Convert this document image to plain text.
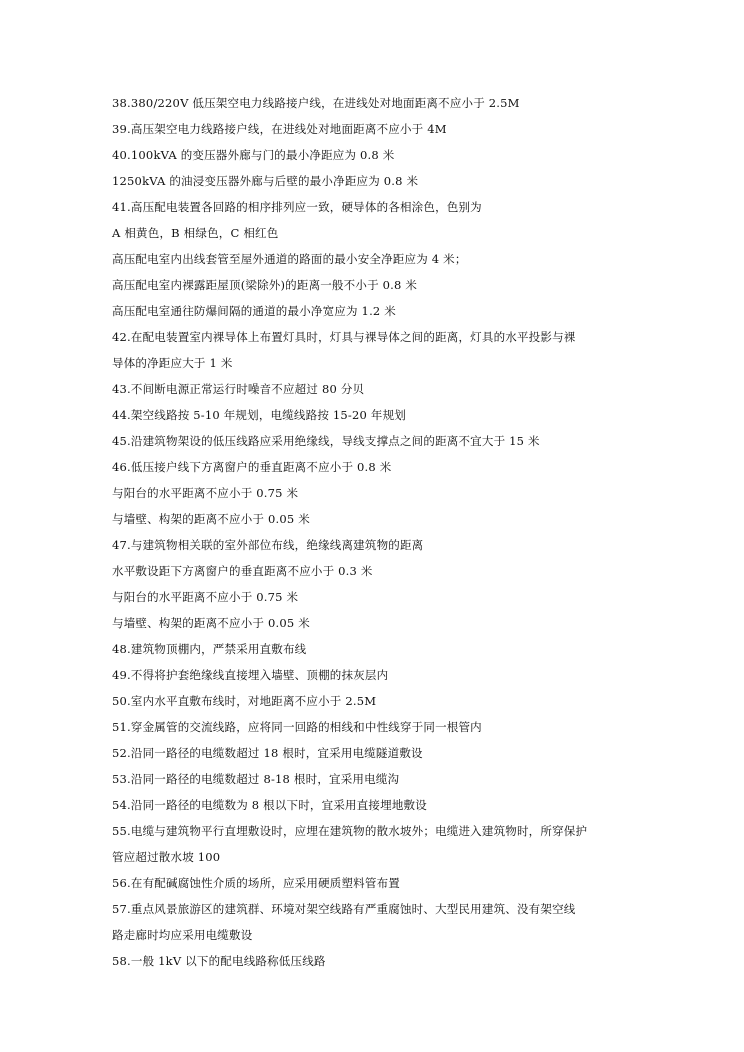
38.380/220V 低压架空电力线路接户线，在进线处对地面距离不应小于 2.5M
39.高压架空电力线路接户线，在进线处对地面距离不应小于 4M
40.100kVA 的变压器外廊与门的最小净距应为 0.8 米
1250kVA 的油浸变压器外廊与后壁的最小净距应为 0.8 米
41.高压配电装置各回路的相序排列应一致，硬导体的各相涂色，色别为
A 相黄色，B 相绿色，C 相红色
高压配电室内出线套管至屋外通道的路面的最小安全净距应为 4 米；
高压配电室内裸露距屋顶(梁除外)的距离一般不小于 0.8 米
高压配电室通往防爆间隔的通道的最小净宽应为 1.2 米
42.在配电装置室内裸导体上布置灯具时，灯具与裸导体之间的距离，灯具的水平投影与裸
导体的净距应大于 1 米
43.不间断电源正常运行时噪音不应超过 80 分贝
44.架空线路按 5-10 年规划，电缆线路按 15-20 年规划
45.沿建筑物架设的低压线路应采用绝缘线，导线支撑点之间的距离不宜大于 15 米
46.低压接户线下方离窗户的垂直距离不应小于 0.8 米
与阳台的水平距离不应小于 0.75 米
与墙壁、构架的距离不应小于 0.05 米
47.与建筑物相关联的室外部位布线，绝缘线离建筑物的距离
水平敷设距下方离窗户的垂直距离不应小于 0.3 米
与阳台的水平距离不应小于 0.75 米
与墙壁、构架的距离不应小于 0.05 米
48.建筑物顶棚内，严禁采用直敷布线
49.不得将护套绝缘线直接埋入墙壁、顶棚的抹灰层内
50.室内水平直敷布线时，对地距离不应小于 2.5M
51.穿金属管的交流线路，应将同一回路的相线和中性线穿于同一根管内
52.沿同一路径的电缆数超过 18 根时，宜采用电缆隧道敷设
53.沿同一路径的电缆数超过 8-18 根时，宜采用电缆沟
54.沿同一路径的电缆数为 8 根以下时，宜采用直接埋地敷设
55.电缆与建筑物平行直埋敷设时，应埋在建筑物的散水坡外；电缆进入建筑物时，所穿保护
管应超过散水坡 100
56.在有配碱腐蚀性介质的场所，应采用硬质塑料管布置
57.重点风景旅游区的建筑群、环境对架空线路有严重腐蚀时、大型民用建筑、没有架空线
路走廊时均应采用电缆敷设
58.一般 1kV 以下的配电线路称低压线路
